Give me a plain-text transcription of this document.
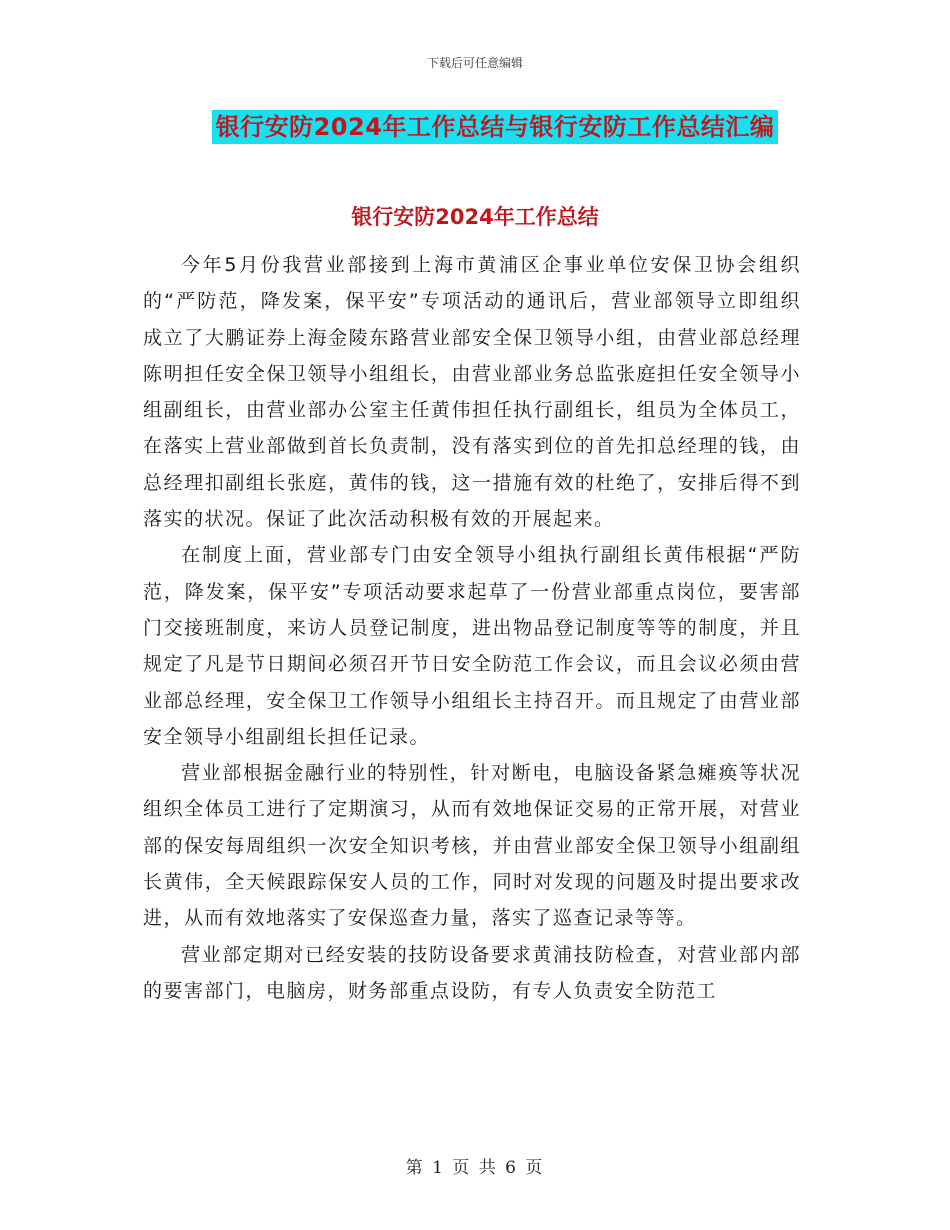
下载后可任意编辑
银行安防2024年工作总结与银行安防工作总结汇编
银行安防2024年工作总结

今年5月份我营业部接到上海市黄浦区企事业单位安保卫协会组织的“严防范，降发案，保平安”专项活动的通讯后，营业部领导立即组织成立了大鹏证券上海金陵东路营业部安全保卫领导小组，由营业部总经理陈明担任安全保卫领导小组组长，由营业部业务总监张庭担任安全领导小组副组长，由营业部办公室主任黄伟担任执行副组长，组员为全体员工，在落实上营业部做到首长负责制，没有落实到位的首先扣总经理的钱，由总经理扣副组长张庭，黄伟的钱，这一措施有效的杜绝了，安排后得不到落实的状况。保证了此次活动积极有效的开展起来。

在制度上面，营业部专门由安全领导小组执行副组长黄伟根据“严防范，降发案，保平安”专项活动要求起草了一份营业部重点岗位，要害部门交接班制度，来访人员登记制度，进出物品登记制度等等的制度，并且规定了凡是节日期间必须召开节日安全防范工作会议，而且会议必须由营业部总经理，安全保卫工作领导小组组长主持召开。而且规定了由营业部安全领导小组副组长担任记录。

营业部根据金融行业的特别性，针对断电，电脑设备紧急瘫痪等状况组织全体员工进行了定期演习，从而有效地保证交易的正常开展，对营业部的保安每周组织一次安全知识考核，并由营业部安全保卫领导小组副组长黄伟，全天候跟踪保安人员的工作，同时对发现的问题及时提出要求改进，从而有效地落实了安保巡查力量，落实了巡查记录等等。

营业部定期对已经安装的技防设备要求黄浦技防检查，对营业部内部的要害部门，电脑房，财务部重点设防，有专人负责安全防范工

第 1 页 共 6 页
